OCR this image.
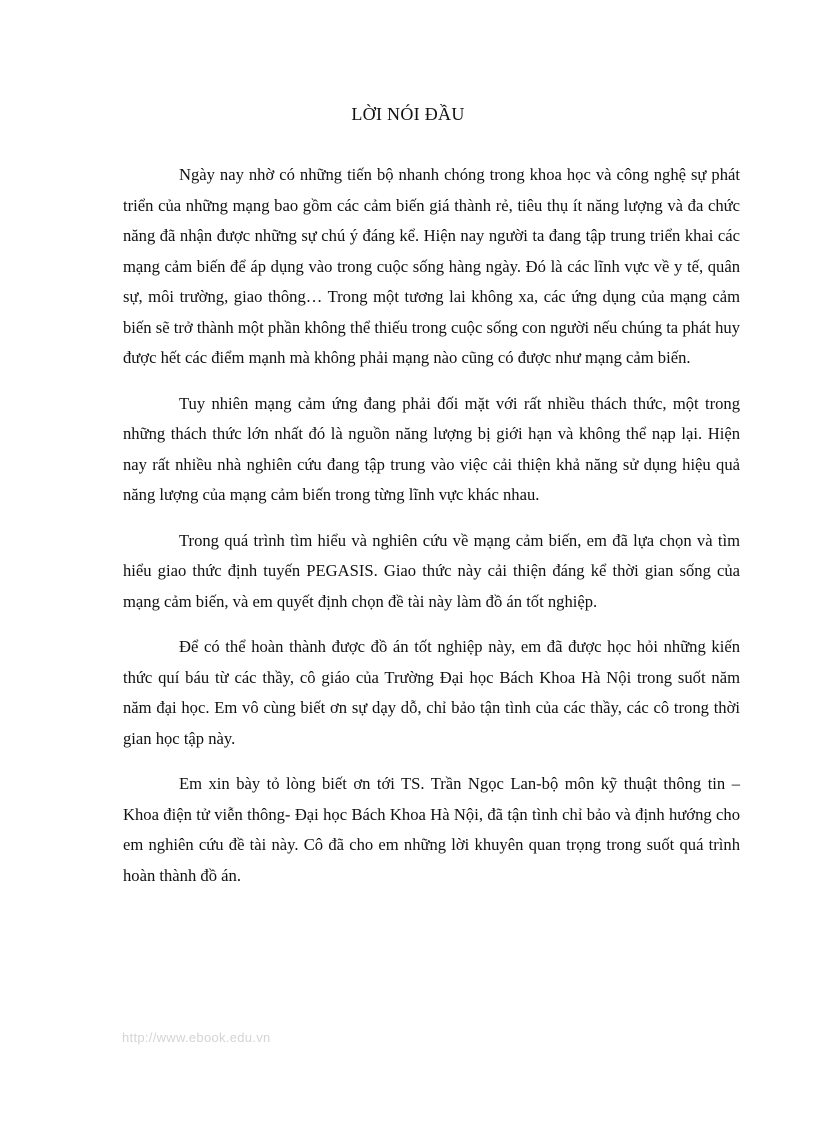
LỜI NÓI ĐẦU

Ngày nay nhờ có những tiến bộ nhanh chóng trong khoa học và công nghệ sự phát triển của những mạng bao gồm các cảm biến giá thành rẻ, tiêu thụ ít năng lượng và đa chức năng đã nhận được những sự chú ý đáng kể. Hiện nay người ta đang tập trung triển khai các mạng cảm biến để áp dụng vào trong cuộc sống hàng ngày. Đó là các lĩnh vực về y tế, quân sự, môi trường, giao thông… Trong một tương lai không xa, các ứng dụng của mạng cảm biến sẽ trở thành một phần không thể thiếu trong cuộc sống con người nếu chúng ta phát huy được hết các điểm mạnh mà không phải mạng nào cũng có được như mạng cảm biến.

Tuy nhiên mạng cảm ứng đang phải đối mặt với rất nhiều thách thức, một trong những thách thức lớn nhất đó là nguồn năng lượng bị giới hạn và không thể nạp lại. Hiện nay rất nhiều nhà nghiên cứu đang tập trung vào việc cải thiện khả năng sử dụng hiệu quả năng lượng của mạng cảm biến trong từng lĩnh vực khác nhau.

Trong quá trình tìm hiểu và nghiên cứu về mạng cảm biến, em đã lựa chọn và tìm hiểu giao thức định tuyến PEGASIS. Giao thức này cải thiện đáng kể thời gian sống của mạng cảm biến, và em quyết định chọn đề tài này làm đồ án tốt nghiệp.

Để có thể hoàn thành được đồ án tốt nghiệp này, em đã được học hỏi những kiến thức quí báu từ các thầy, cô giáo của Trường Đại học Bách Khoa Hà Nội trong suốt năm năm đại học. Em vô cùng biết ơn sự dạy dỗ, chỉ bảo tận tình của các thầy, các cô trong thời gian học tập này.

Em xin bày tỏ lòng biết ơn tới TS. Trần Ngọc Lan-bộ môn kỹ thuật thông tin – Khoa điện tử viễn thông- Đại học Bách Khoa Hà Nội, đã tận tình chỉ bảo và định hướng cho em nghiên cứu đề tài này. Cô đã cho em những lời khuyên quan trọng trong suốt quá trình hoàn thành đồ án.

http://www.ebook.edu.vn
